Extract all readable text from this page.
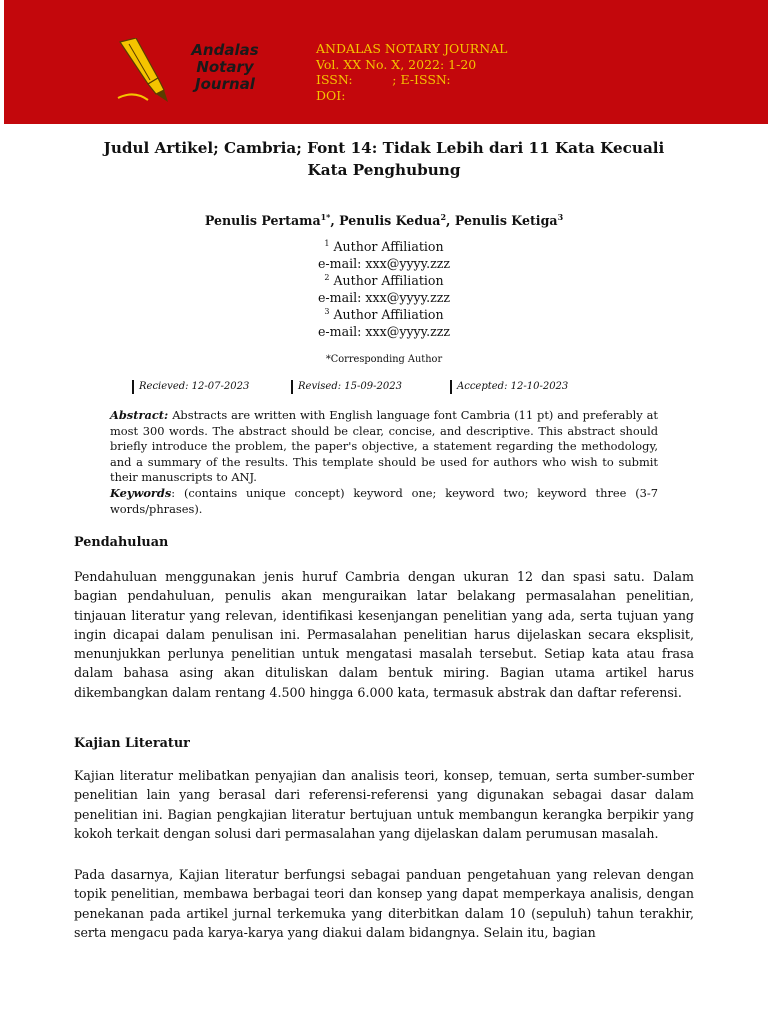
Andalas
Notary
Journal
ANDALAS NOTARY JOURNAL
Vol. XX No. X, 2022: 1-20
ISSN:          ; E-ISSN:
DOI:
Judul Artikel; Cambria; Font 14: Tidak Lebih dari 11 Kata Kecuali Kata Penghubung
Penulis Pertama$^{1*}$, Penulis Kedua$^2$, Penulis Ketiga$^3$
$^1$ Author Affiliation
e-mail: xxx@yyyy.zzz
$^2$ Author Affiliation
e-mail: xxx@yyyy.zzz
$^3$ Author Affiliation
e-mail: xxx@yyyy.zzz
*Corresponding Author
Recieved: 12-07-2023	Revised: 15-09-2023	Accepted: 12-10-2023

Abstract: Abstracts are written with English language font Cambria (11 pt) and preferably at most 300 words. The abstract should be clear, concise, and descriptive. This abstract should briefly introduce the problem, the paper's objective, a statement regarding the methodology, and a summary of the results. This template should be used for authors who wish to submit their manuscripts to ANJ.

Keywords: (contains unique concept) keyword one; keyword two; keyword three (3-7 words/phrases).

Pendahuluan
Pendahuluan menggunakan jenis huruf Cambria dengan ukuran 12 dan spasi satu. Dalam bagian pendahuluan, penulis akan menguraikan latar belakang permasalahan penelitian, tinjauan literatur yang relevan, identifikasi kesenjangan penelitian yang ada, serta tujuan yang ingin dicapai dalam penulisan ini. Permasalahan penelitian harus dijelaskan secara eksplisit, menunjukkan perlunya penelitian untuk mengatasi masalah tersebut. Setiap kata atau frasa dalam bahasa asing akan dituliskan dalam bentuk miring. Bagian utama artikel harus dikembangkan dalam rentang 4.500 hingga 6.000 kata, termasuk abstrak dan daftar referensi.
Kajian Literatur
Kajian literatur melibatkan penyajian dan analisis teori, konsep, temuan, serta sumber-sumber penelitian lain yang berasal dari referensi-referensi yang digunakan sebagai dasar dalam penelitian ini. Bagian pengkajian literatur bertujuan untuk membangun kerangka berpikir yang kokoh terkait dengan solusi dari permasalahan yang dijelaskan dalam perumusan masalah.
Pada dasarnya, Kajian literatur berfungsi sebagai panduan pengetahuan yang relevan dengan topik penelitian, membawa berbagai teori dan konsep yang dapat memperkaya analisis, dengan penekanan pada artikel jurnal terkemuka yang diterbitkan dalam 10 (sepuluh) tahun terakhir, serta mengacu pada karya-karya yang diakui dalam bidangnya. Selain itu, bagian
